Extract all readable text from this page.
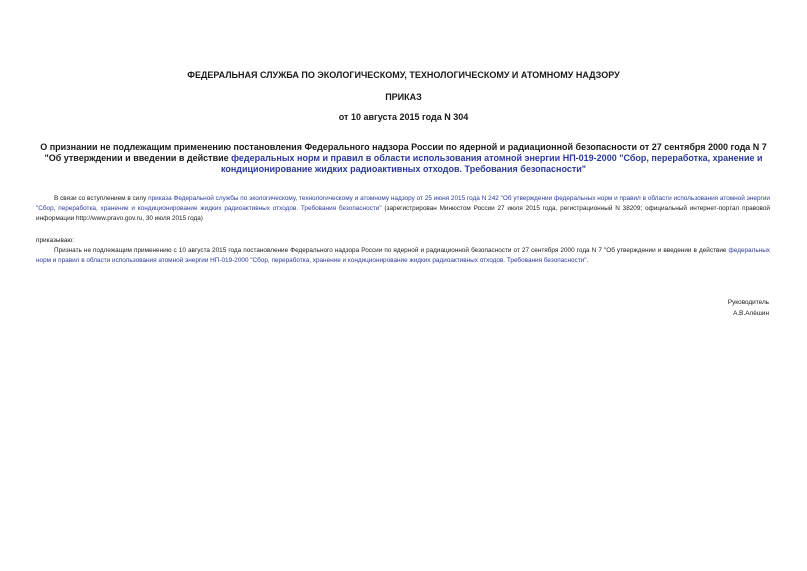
ФЕДЕРАЛЬНАЯ СЛУЖБА ПО ЭКОЛОГИЧЕСКОМУ, ТЕХНОЛОГИЧЕСКОМУ И АТОМНОМУ НАДЗОРУ
ПРИКАЗ
от 10 августа 2015 года N 304
О признании не подлежащим применению постановления Федерального надзора России по ядерной и радиационной безопасности от 27 сентября 2000 года N 7 "Об утверждении и введении в действие федеральных норм и правил в области использования атомной энергии НП-019-2000 "Сбор, переработка, хранение и кондиционирование жидких радиоактивных отходов. Требования безопасности"
В связи со вступлением в силу приказа Федеральной службы по экологическому, технологическому и атомному надзору от 25 июня 2015 года N 242 "Об утверждении федеральных норм и правил в области использования атомной энергии "Сбор, переработка, хранение и кондиционирование жидких радиоактивных отходов. Требования безопасности" (зарегистрирован Минюстом России 27 июля 2015 года, регистрационный N 38209; официальный интернет-портал правовой информации http://www.pravo.gov.ru, 30 июля 2015 года)
приказываю:
Признать не подлежащим применению с 10 августа 2015 года постановление Федерального надзора России по ядерной и радиационной безопасности от 27 сентября 2000 года N 7 "Об утверждении и введении в действие федеральных норм и правил в области использования атомной энергии НП-019-2000 "Сбор, переработка, хранение и кондиционирование жидких радиоактивных отходов. Требования безопасности".
Руководитель
А.В.Алёшин
